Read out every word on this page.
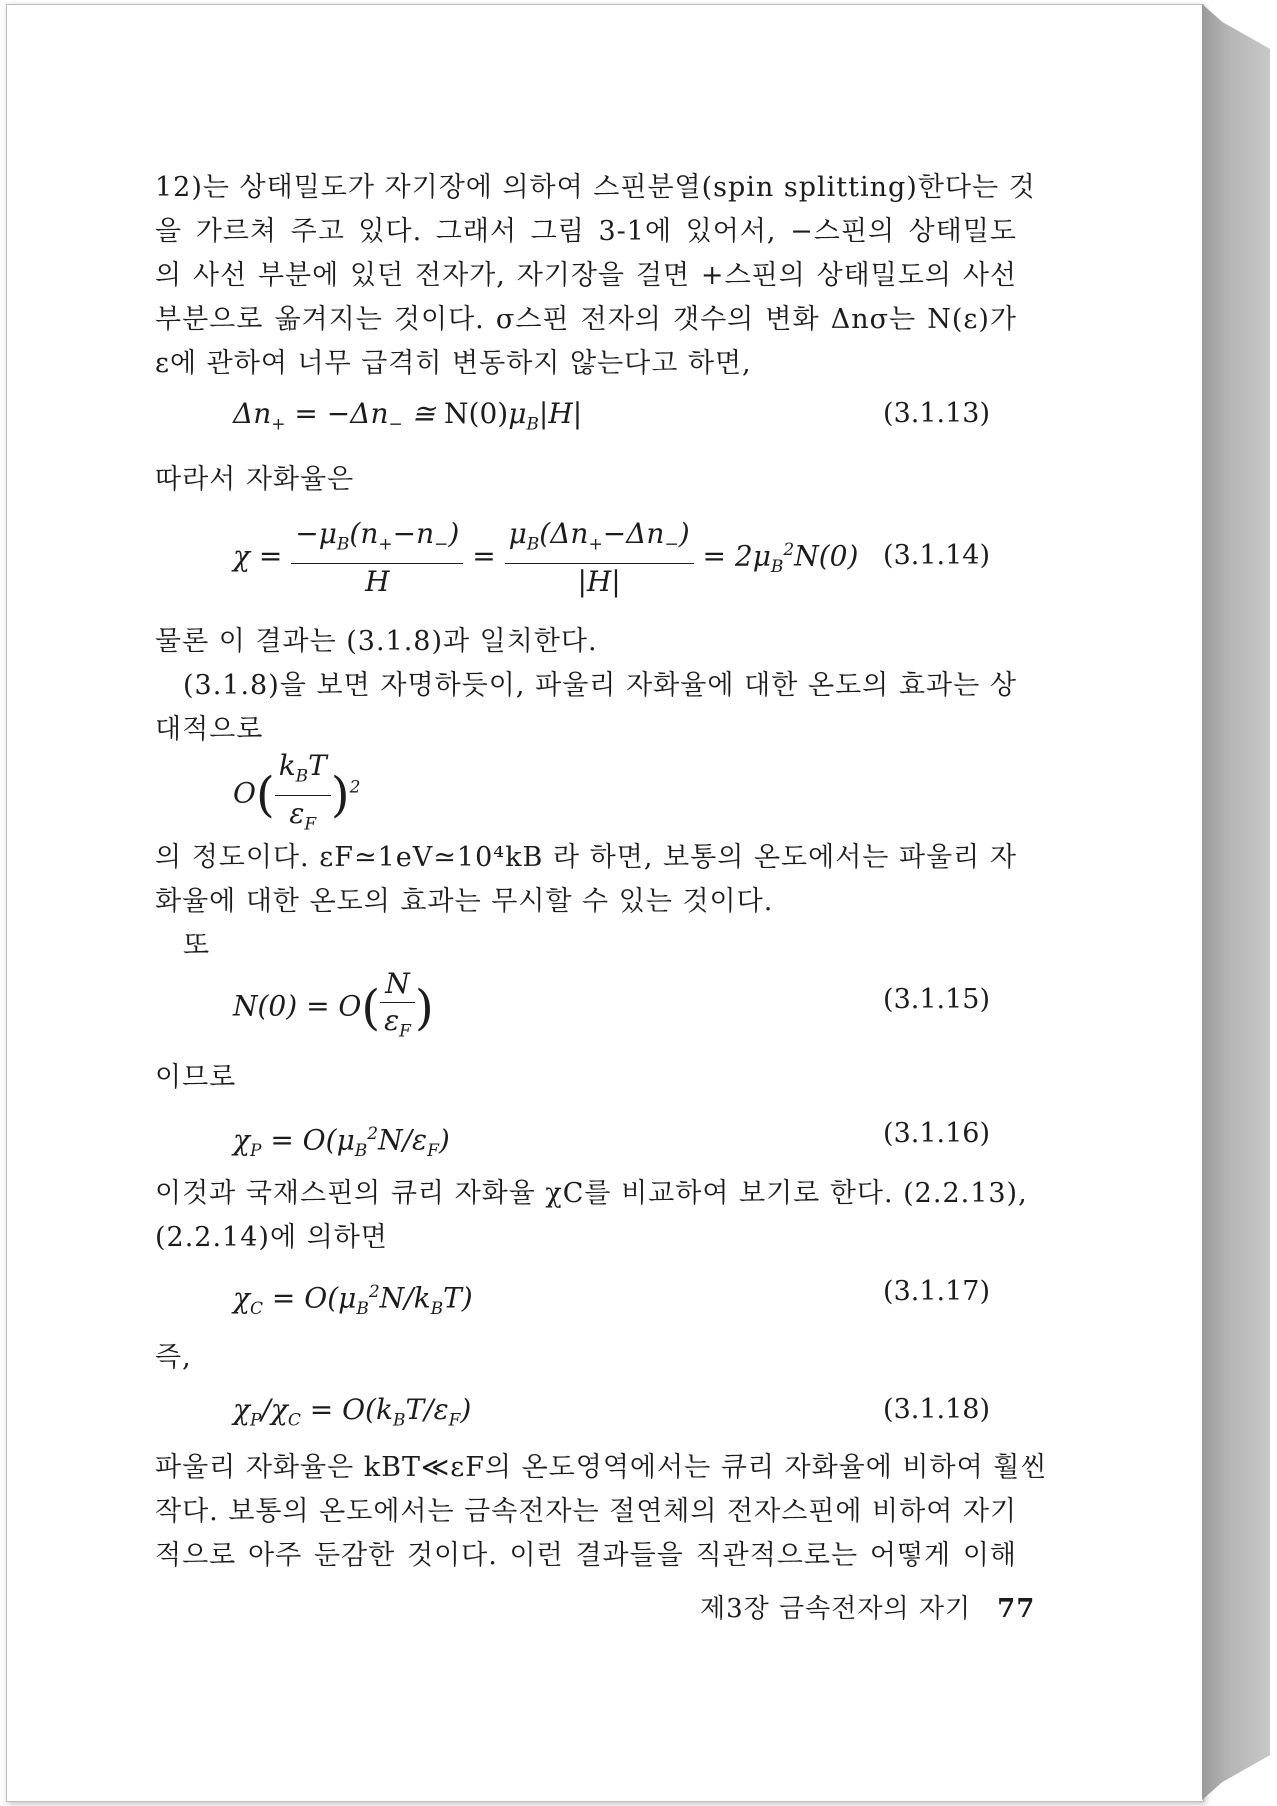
12)는 상태밀도가 자기장에 의하여 스핀분열(spin splitting)한다는 것
을 가르쳐 주고 있다. 그래서 그림 3-1에 있어서, −스핀의 상태밀도
의 사선 부분에 있던 전자가, 자기장을 걸면 +스핀의 상태밀도의 사선
부분으로 옮겨지는 것이다. σ스핀 전자의 갯수의 변화 Δnσ는 N(ε)가
ε에 관하여 너무 급격히 변동하지 않는다고 하면,
$\Delta n_+ = -\Delta n_-$ ≅ $N(0)\mu_B|H|$	(3.1.13)
따라서 자화율은
$\chi = \frac{-\mu_B(n_+-n_-)}{H} = \frac{\mu_B(\Delta n_+-\Delta n_-)}{|H|} = 2\mu_B^2N(0)$ (3.1.14)
물론 이 결과는 (3.1.8)과 일치한다.
(3.1.8)을 보면 자명하듯이, 파울리 자화율에 대한 온도의 효과는 상
대적으로
$O( \frac{k_BT}{\varepsilon_F} )^2$
의 정도이다. εF≃1eV≃10⁴kB 라 하면, 보통의 온도에서는 파울리 자
화율에 대한 온도의 효과는 무시할 수 있는 것이다.
또
$N(0) = O( \frac{N}{\varepsilon_F}$ )	(3.1.15)
이므로
$\chi_P = O(\mu_B^2N/\varepsilon_F)$	(3.1.16)
이것과 국재스핀의 큐리 자화율 χC를 비교하여 보기로 한다. (2.2.13),
(2.2.14)에 의하면
$\chi_C = O(\mu_B^2N/k_BT)$	(3.1.17)
즉,
$\chi_P/\chi_C = O(k_BT/\varepsilon_F)$	(3.1.18)
파울리 자화율은 kBT≪εF의 온도영역에서는 큐리 자화율에 비하여 훨씬
작다. 보통의 온도에서는 금속전자는 절연체의 전자스핀에 비하여 자기
적으로 아주 둔감한 것이다. 이런 결과들을 직관적으로는 어떻게 이해
제3장 금속전자의 자기 77
